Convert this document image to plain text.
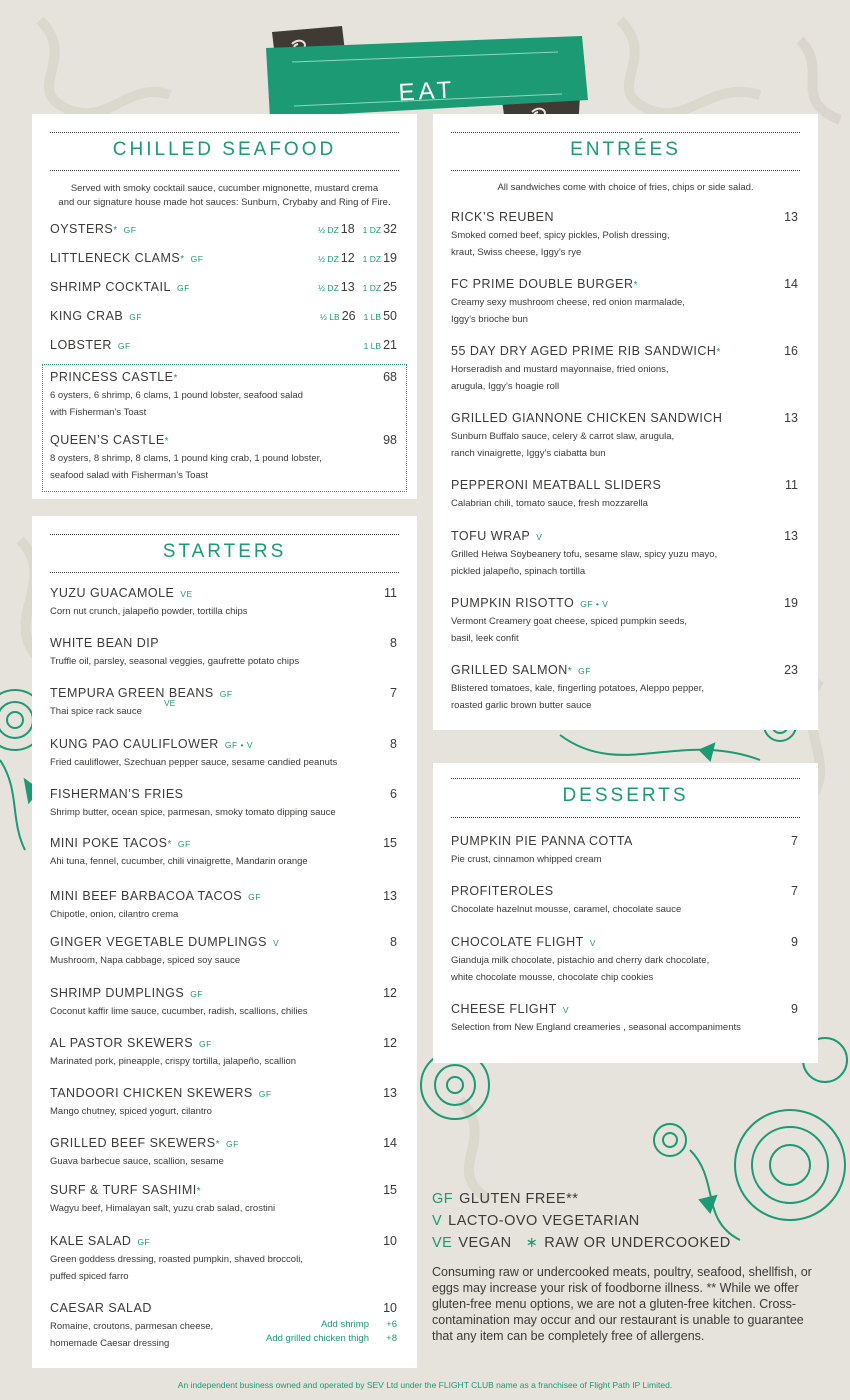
EAT
CHILLED SEAFOOD
Served with smoky cocktail sauce, cucumber mignonette, mustard crema
and our signature house made hot sauces: Sunburn, Crybaby and Ring of Fire.
OYSTERS* GF	½ DZ 18 1 DZ 32
LITTLENECK CLAMS* GF	½ DZ 12 1 DZ 19
SHRIMP COCKTAIL GF	½ DZ 13 1 DZ 25
KING CRAB GF	½ LB 26 1 LB 50
LOBSTER GF	1 LB 21
PRINCESS CASTLE*	68
6 oysters, 6 shrimp, 6 clams, 1 pound lobster, seafood salad
with Fisherman’s Toast
QUEEN’S CASTLE*	98
8 oysters, 8 shrimp, 8 clams, 1 pound king crab, 1 pound lobster,
seafood salad with Fisherman’s Toast
STARTERS
YUZU GUACAMOLE VE	11
Corn nut crunch, jalapeño powder, tortilla chips
WHITE BEAN DIP	8
Truffle oil, parsley, seasonal veggies, gaufrette potato chips
TEMPURA GREEN BEANS GF	7
Thai spice rack sauce
KUNG PAO CAULIFLOWER GF • V	8
Fried cauliflower, Szechuan pepper sauce, sesame candied peanuts
FISHERMAN’S FRIES	6
Shrimp butter, ocean spice, parmesan, smoky tomato dipping sauce
MINI POKE TACOS* GF	15
Ahi tuna, fennel, cucumber, chili vinaigrette, Mandarin orange
MINI BEEF BARBACOA TACOS GF	13
Chipotle, onion, cilantro crema
GINGER VEGETABLE DUMPLINGS V	8
Mushroom, Napa cabbage, spiced soy sauce
SHRIMP DUMPLINGS GF	12
Coconut kaffir lime sauce, cucumber, radish, scallions, chilies
AL PASTOR SKEWERS GF	12
Marinated pork, pineapple, crispy tortilla, jalapeño, scallion
TANDOORI CHICKEN SKEWERS GF	13
Mango chutney, spiced yogurt, cilantro
GRILLED BEEF SKEWERS* GF	14
Guava barbecue sauce, scallion, sesame
SURF & TURF SASHIMI*	15
Wagyu beef, Himalayan salt, yuzu crab salad, crostini
KALE SALAD GF	10
Green goddess dressing, roasted pumpkin, shaved broccoli,
puffed spiced farro
CAESAR SALAD	10
Romaine, croutons, parmesan cheese,
homemade Caesar dressing
VE
Add shrimp +6
Add grilled chicken thigh +8
ENTRÉES
All sandwiches come with choice of fries, chips or side salad.
RICK’S REUBEN	13
Smoked corned beef, spicy pickles, Polish dressing,
kraut, Swiss cheese, Iggy’s rye
FC PRIME DOUBLE BURGER*	14
Creamy sexy mushroom cheese, red onion marmalade,
Iggy’s brioche bun
55 DAY DRY AGED PRIME RIB SANDWICH*	16
Horseradish and mustard mayonnaise, fried onions,
arugula, Iggy’s hoagie roll
GRILLED GIANNONE CHICKEN SANDWICH	13
Sunburn Buffalo sauce, celery & carrot slaw, arugula,
ranch vinaigrette, Iggy’s ciabatta bun
PEPPERONI MEATBALL SLIDERS	11
Calabrian chili, tomato sauce, fresh mozzarella
TOFU WRAP V	13
Grilled Heiwa Soybeanery tofu, sesame slaw, spicy yuzu mayo,
pickled jalapeño, spinach tortilla
PUMPKIN RISOTTO GF • V	19
Vermont Creamery goat cheese, spiced pumpkin seeds,
basil, leek confit
GRILLED SALMON* GF	23
Blistered tomatoes, kale, fingerling potatoes, Aleppo pepper,
roasted garlic brown butter sauce
DESSERTS
PUMPKIN PIE PANNA COTTA	7
Pie crust, cinnamon whipped cream
PROFITEROLES	7
Chocolate hazelnut mousse, caramel, chocolate sauce
CHOCOLATE FLIGHT V	9
Gianduja milk chocolate, pistachio and cherry dark chocolate,
white chocolate mousse, chocolate chip cookies
CHEESE FLIGHT V	9
Selection from New England creameries , seasonal accompaniments
GF GLUTEN FREE**
V LACTO-OVO VEGETARIAN
VE VEGAN ∗ RAW OR UNDERCOOKED
Consuming raw or undercooked meats, poultry, seafood, shellfish, or eggs may increase your risk of foodborne illness. ** While we offer gluten-free menu options, we are not a gluten-free kitchen. Cross-contamination may occur and our restaurant is unable to guarantee that any item can be completely free of allergens.
An independent business owned and operated by SEV Ltd under the FLIGHT CLUB name as a franchisee of Flight Path IP Limited.
